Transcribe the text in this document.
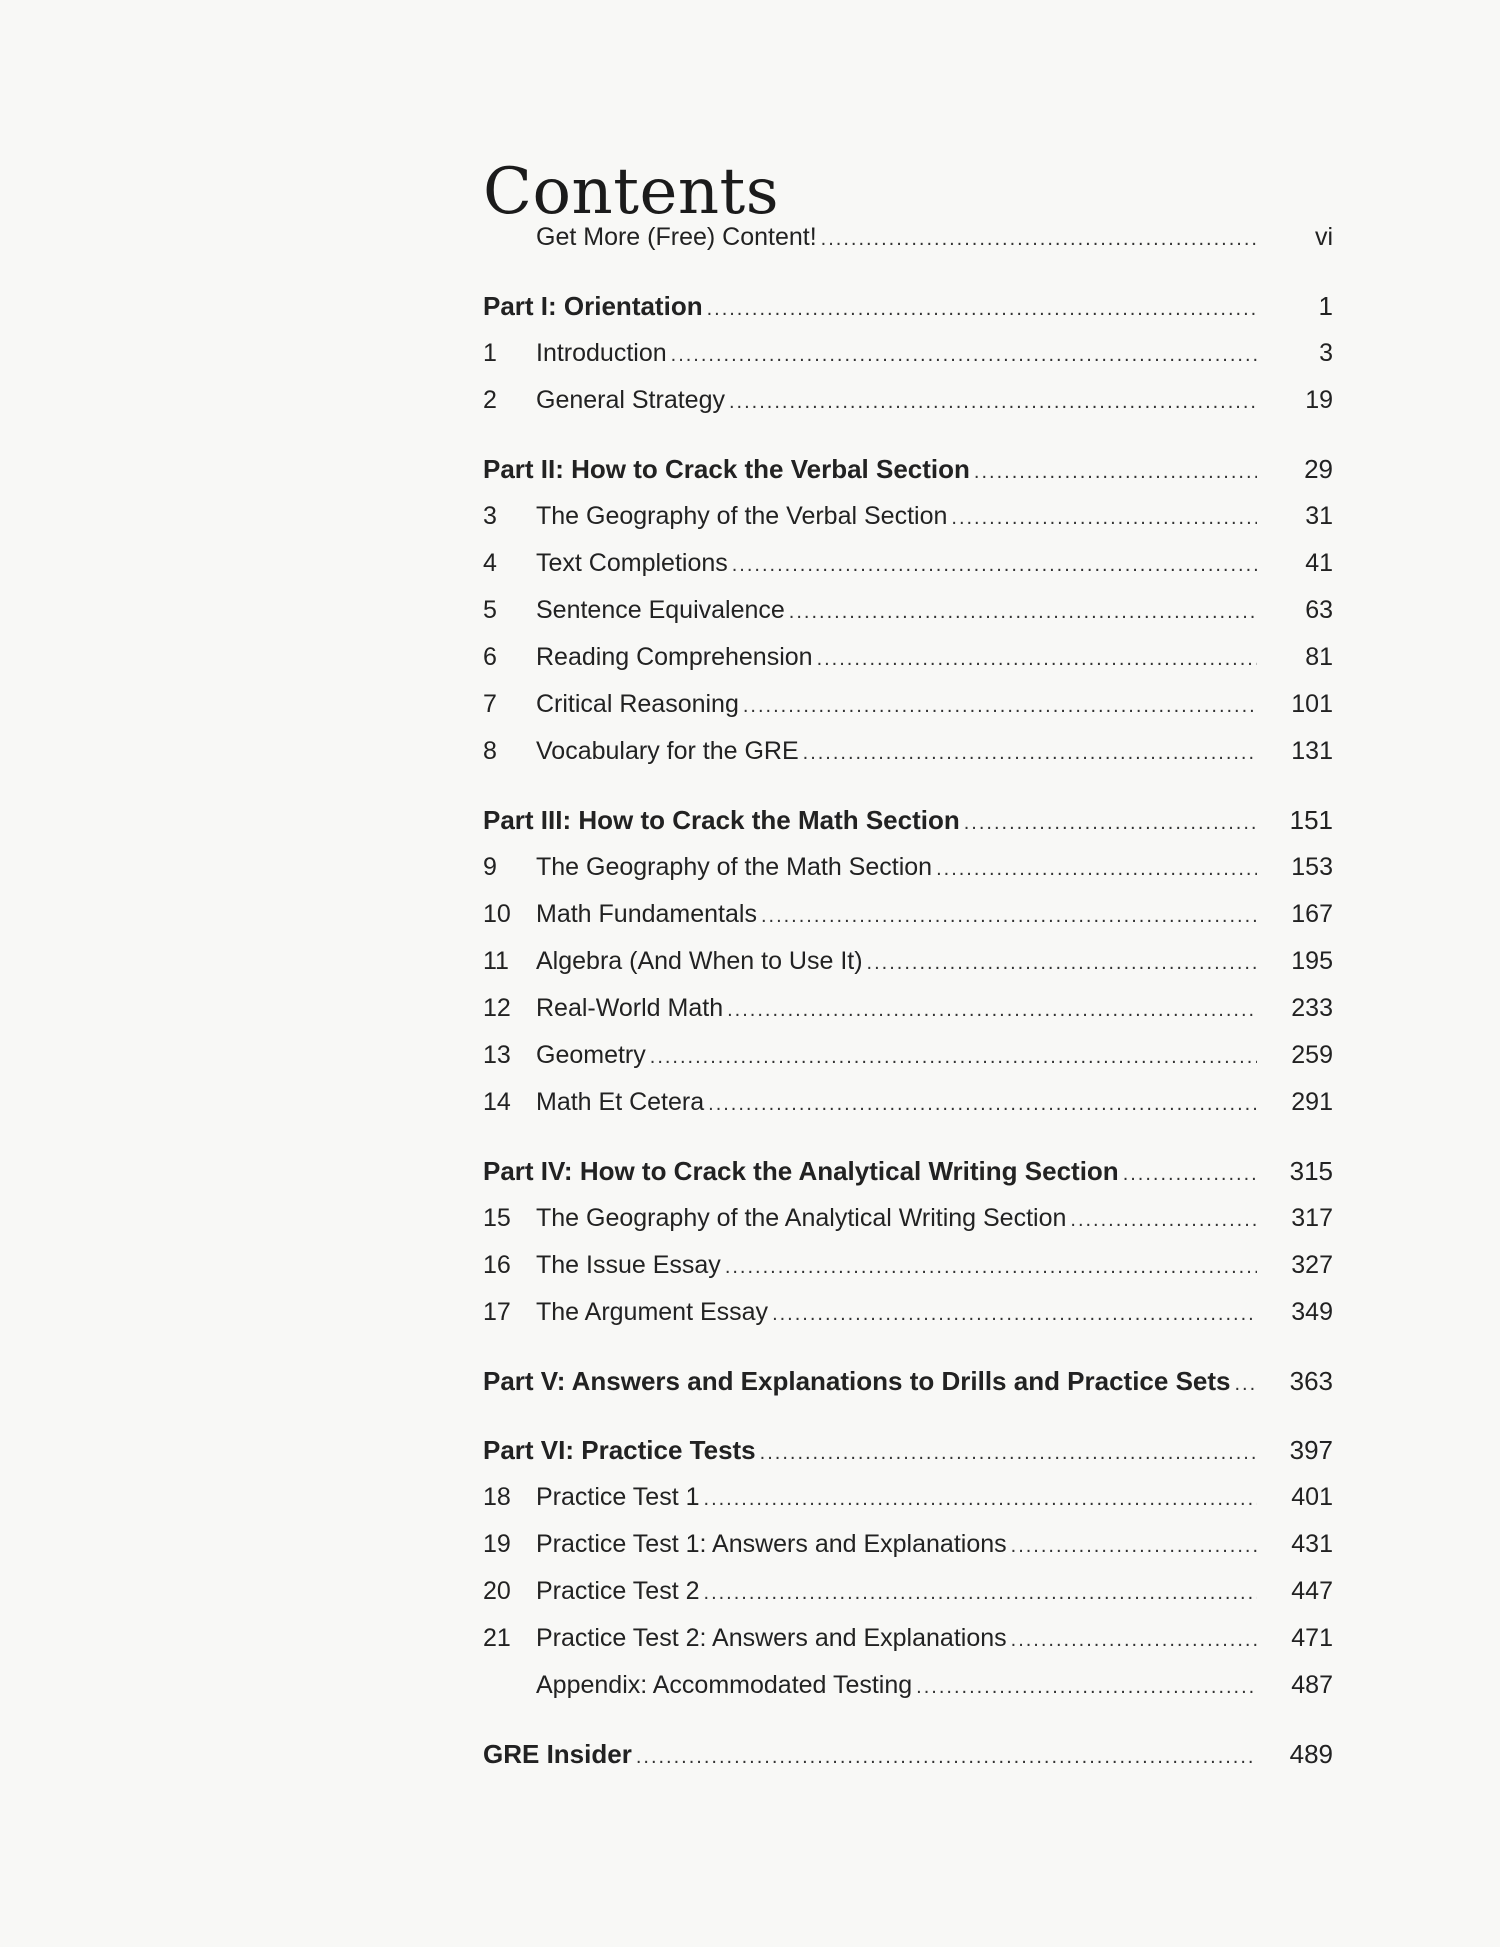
Contents
Get More (Free) Content! .....	vi
Part I: Orientation .....	1
1	Introduction .....	3
2	General Strategy .....	19
Part II: How to Crack the Verbal Section .....	29
3	The Geography of the Verbal Section .....	31
4	Text Completions .....	41
5	Sentence Equivalence .....	63
6	Reading Comprehension .....	81
7	Critical Reasoning .....	101
8	Vocabulary for the GRE .....	131
Part III: How to Crack the Math Section .....	151
9	The Geography of the Math Section .....	153
10	Math Fundamentals .....	167
11	Algebra (And When to Use It) .....	195
12	Real-World Math .....	233
13	Geometry .....	259
14	Math Et Cetera .....	291
Part IV: How to Crack the Analytical Writing Section .....	315
15	The Geography of the Analytical Writing Section .....	317
16	The Issue Essay .....	327
17	The Argument Essay .....	349
Part V: Answers and Explanations to Drills and Practice Sets ..... 363
Part VI: Practice Tests .....	397
18	Practice Test 1 .....	401
19	Practice Test 1: Answers and Explanations .....	431
20	Practice Test 2 .....	447
21	Practice Test 2: Answers and Explanations .....	471
Appendix: Accommodated Testing .....	487
GRE Insider .....	489
